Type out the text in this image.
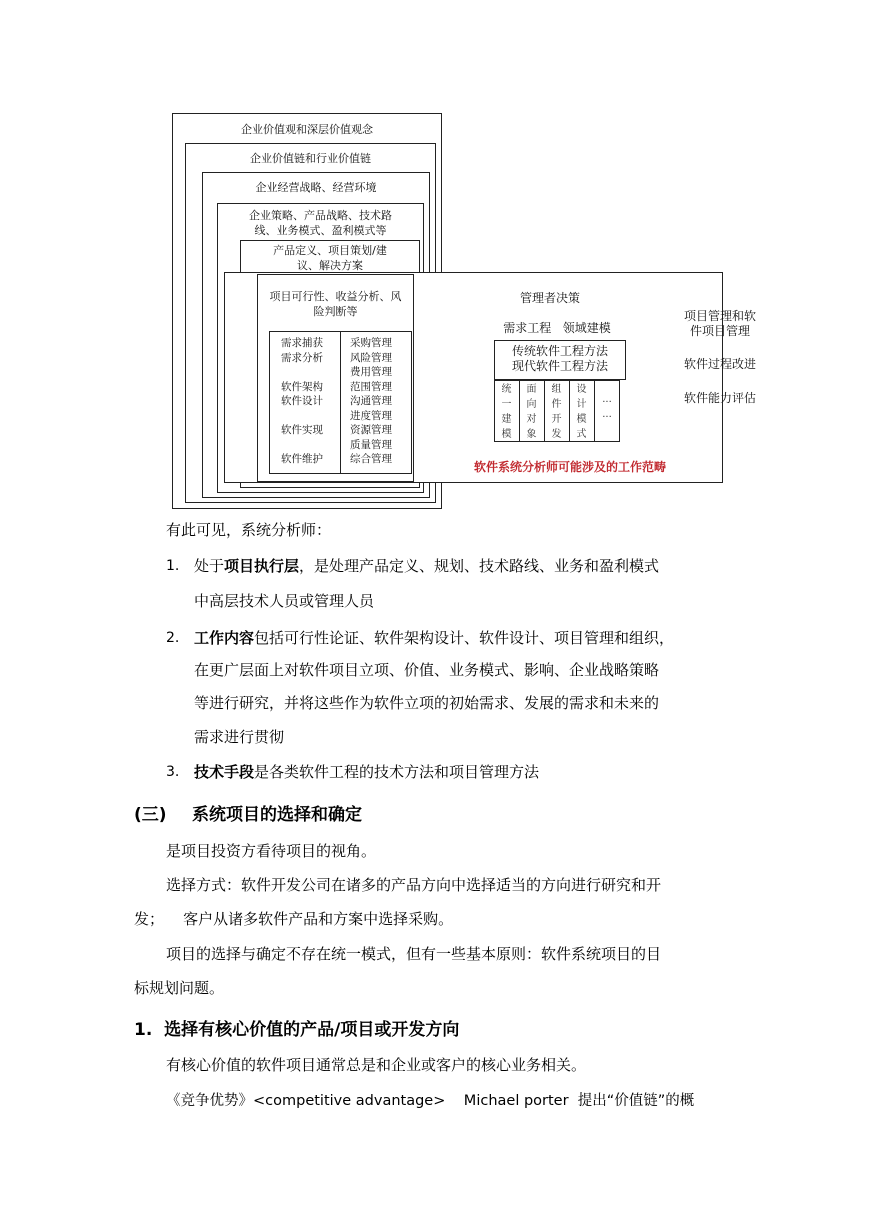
企业价值观和深层价值观念
企业价值链和行业价值链
企业经营战略、经营环境
企业策略、产品战略、技术路
线、业务模式、盈利模式等
产品定义、项目策划/建
议、解决方案
项目可行性、收益分析、风
险判断等
需求捕获
需求分析

软件架构
软件设计

软件实现

软件维护
采购管理
风险管理
费用管理
范围管理
沟通管理
进度管理
资源管理
质量管理
综合管理
管理者决策
需求工程   领域建模
传统软件工程方法
现代软件工程方法
统
一
建
模
面
向
对
象
组
件
开
发
设
计
模
式
...
...
项目管理和软
件项目管理
软件过程改进
软件能力评估
软件系统分析师可能涉及的工作范畴
有此可见，系统分析师：
1. 处于项目执行层，是处理产品定义、规划、技术路线、业务和盈利模式
中高层技术人员或管理人员
2. 工作内容包括可行性论证、软件架构设计、软件设计、项目管理和组织，
在更广层面上对软件项目立项、价值、业务模式、影响、企业战略策略
等进行研究，并将这些作为软件立项的初始需求、发展的需求和未来的
需求进行贯彻
3. 技术手段是各类软件工程的技术方法和项目管理方法
(三) 系统项目的选择和确定
是项目投资方看待项目的视角。
选择方式：软件开发公司在诸多的产品方向中选择适当的方向进行研究和开
发；    客户从诸多软件产品和方案中选择采购。
项目的选择与确定不存在统一模式，但有一些基本原则：软件系统项目的目
标规划问题。
1.  选择有核心价值的产品/项目或开发方向
有核心价值的软件项目通常总是和企业或客户的核心业务相关。
《竞争优势》<competitive advantage>    Michael porter  提出“价值链”的概
